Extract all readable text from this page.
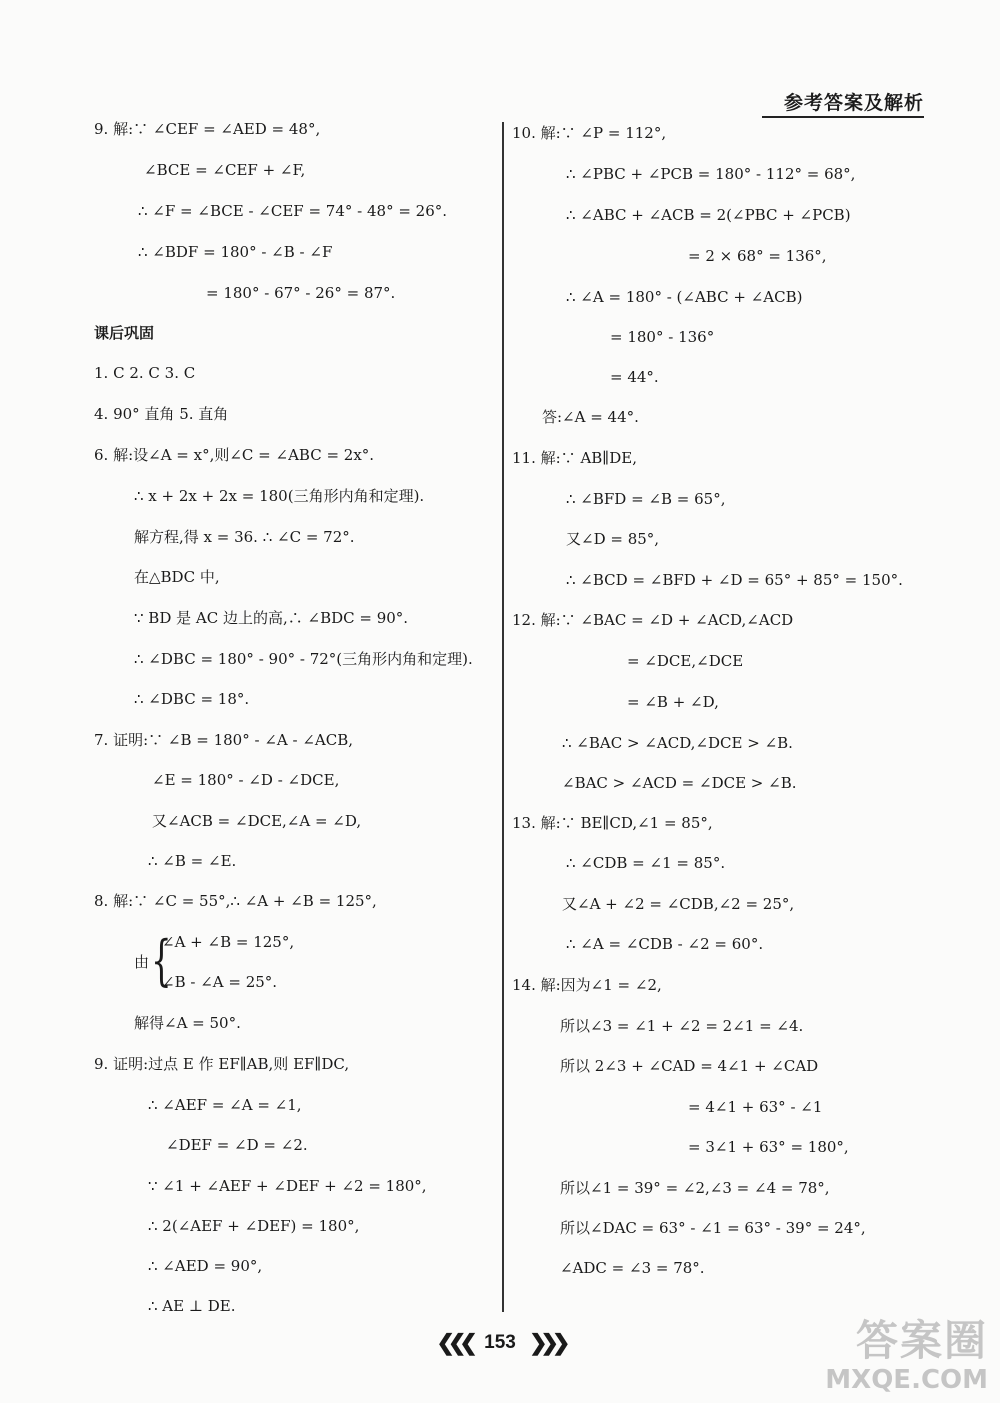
参考答案及解析
9. 解:∵ ∠CEF = ∠AED = 48°,
∠BCE = ∠CEF + ∠F,
∴ ∠F = ∠BCE - ∠CEF = 74° - 48° = 26°.
∴ ∠BDF = 180° - ∠B - ∠F
= 180° - 67° - 26° = 87°.
课后巩固
1. C 2. C 3. C
4. 90° 直角 5. 直角
6. 解:设∠A = x°,则∠C = ∠ABC = 2x°.
∴ x + 2x + 2x = 180(三角形内角和定理).
解方程,得 x = 36. ∴ ∠C = 72°.
在△BDC 中,
∵ BD 是 AC 边上的高,∴ ∠BDC = 90°.
∴ ∠DBC = 180° - 90° - 72°(三角形内角和定理).
∴ ∠DBC = 18°.
7. 证明:∵ ∠B = 180° - ∠A - ∠ACB,
∠E = 180° - ∠D - ∠DCE,
又∠ACB = ∠DCE,∠A = ∠D,
∴ ∠B = ∠E.
8. 解:∵ ∠C = 55°,∴ ∠A + ∠B = 125°,
∠A + ∠B = 125°,
由 {
∠B - ∠A = 25°.
解得∠A = 50°.
9. 证明:过点 E 作 EF∥AB,则 EF∥DC,
∴ ∠AEF = ∠A = ∠1,
∠DEF = ∠D = ∠2.
∵ ∠1 + ∠AEF + ∠DEF + ∠2 = 180°,
∴ 2(∠AEF + ∠DEF) = 180°,
∴ ∠AED = 90°,
∴ AE ⊥ DE.
10. 解:∵ ∠P = 112°,
∴ ∠PBC + ∠PCB = 180° - 112° = 68°,
∴ ∠ABC + ∠ACB = 2(∠PBC + ∠PCB)
= 2 × 68° = 136°,
∴ ∠A = 180° - (∠ABC + ∠ACB)
= 180° - 136°
= 44°.
答:∠A = 44°.
11. 解:∵ AB∥DE,
∴ ∠BFD = ∠B = 65°,
又∠D = 85°,
∴ ∠BCD = ∠BFD + ∠D = 65° + 85° = 150°.
12. 解:∵ ∠BAC = ∠D + ∠ACD,∠ACD
= ∠DCE,∠DCE
= ∠B + ∠D,
∴ ∠BAC > ∠ACD,∠DCE > ∠B.
∠BAC > ∠ACD = ∠DCE > ∠B.
13. 解:∵ BE∥CD,∠1 = 85°,
∴ ∠CDB = ∠1 = 85°.
又∠A + ∠2 = ∠CDB,∠2 = 25°,
∴ ∠A = ∠CDB - ∠2 = 60°.
14. 解:因为∠1 = ∠2,
所以∠3 = ∠1 + ∠2 = 2∠1 = ∠4.
所以 2∠3 + ∠CAD = 4∠1 + ∠CAD
= 4∠1 + 63° - ∠1
= 3∠1 + 63° = 180°,
所以∠1 = 39° = ∠2,∠3 = ∠4 = 78°,
所以∠DAC = 63° - ∠1 = 63° - 39° = 24°,
∠ADC = ∠3 = 78°.
❮❮❮ 153 ❯❯❯	答案圈
MXQE.COM
